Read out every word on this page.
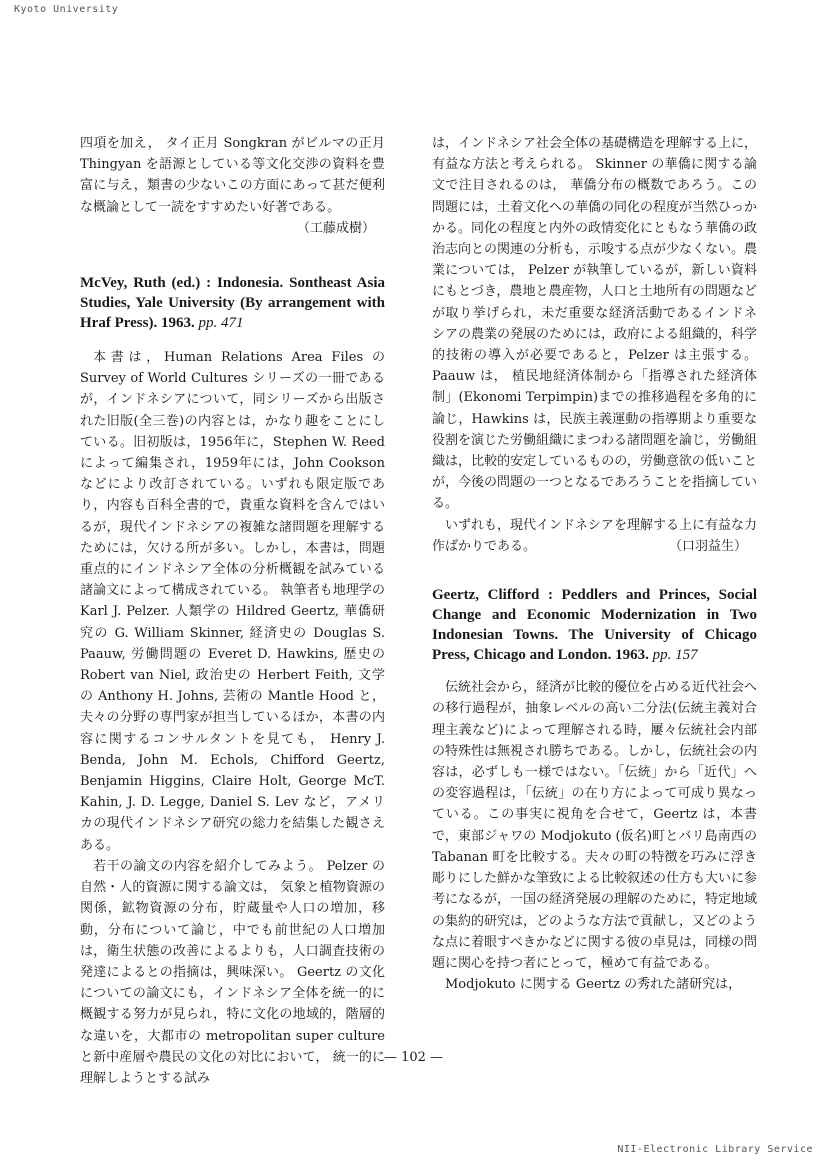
Kyoto University

四項を加え， タイ正月 Songkran がビルマの正月 Thingyan を語源としている等文化交渉の資料を豊富に与え，類書の少ないこの方面にあって甚だ便利な概論として一読をすすめたい好著である。

（工藤成樹）

McVey, Ruth (ed.) : Indonesia. Sontheast Asia Studies, Yale University (By arrangement with Hraf Press). 1963. pp. 471

本書は，Human Relations Area Files の Survey of World Cultures シリーズの一冊であるが，インドネシアについて，同シリーズから出版された旧版(全三巻)の内容とは，かなり趣をことにしている。旧初版は，1956年に，Stephen W. Reed によって編集され，1959年には，John Cookson などにより改訂されている。いずれも限定版であり，内容も百科全書的で，貴重な資料を含んではいるが，現代インドネシアの複雑な諸問題を理解するためには，欠ける所が多い。しかし，本書は，問題重点的にインドネシア全体の分析概観を試みている諸論文によって構成されている。 執筆者も地理学の Karl J. Pelzer. 人類学の Hildred Geertz, 華僑研究の G. William Skinner, 経済史の Douglas S. Paauw, 労働問題の Everet D. Hawkins, 歴史の Robert van Niel, 政治史の Herbert Feith, 文学の Anthony H. Johns, 芸術の Mantle Hood と，夫々の分野の専門家が担当しているほか，本書の内容に関するコンサルタントを見ても， Henry J. Benda, John M. Echols, Chifford Geertz, Benjamin Higgins, Claire Holt, George McT. Kahin, J. D. Legge, Daniel S. Lev など，アメリカの現代インドネシア研究の総力を結集した観さえある。

若干の論文の内容を紹介してみよう。 Pelzer の自然・人的資源に関する論文は， 気象と植物資源の関係，鉱物資源の分布，貯蔵量や人口の増加，移動，分布について論じ，中でも前世紀の人口増加は，衛生状態の改善によるよりも，人口調査技術の発達によるとの指摘は，興味深い。 Geertz の文化についての論文にも，インドネシア全体を統一的に概観する努力が見られ，特に文化の地域的，階層的な違いを，大都市の metropolitan super culture と新中産層や農民の文化の対比において， 統一的に理解しようとする試み

は，インドネシア社会全体の基礎構造を理解する上に，有益な方法と考えられる。 Skinner の華僑に関する論文で注目されるのは， 華僑分布の概数であろう。この問題には，土着文化への華僑の同化の程度が当然ひっかかる。同化の程度と内外の政情変化にともなう華僑の政治志向との関連の分析も，示唆する点が少なくない。農業については， Pelzer が執筆しているが，新しい資料にもとづき，農地と農産物，人口と土地所有の問題などが取り挙げられ，未だ重要な経済活動であるインドネシアの農業の発展のためには，政府による組織的，科学的技術の導入が必要であると，Pelzer は主張する。 Paauw は， 植民地経済体制から「指導された経済体制」(Ekonomi Terpimpin)までの推移過程を多角的に論じ，Hawkins は，民族主義運動の指導期より重要な役割を演じた労働組織にまつわる諸問題を論じ，労働組織は，比較的安定しているものの，労働意欲の低いことが，今後の問題の一つとなるであろうことを指摘している。

いずれも，現代インドネシアを理解する上に有益な力作ばかりである。	（口羽益生）

Geertz, Clifford : Peddlers and Princes, Social Change and Economic Modernization in Two Indonesian Towns. The University of Chicago Press, Chicago and London. 1963. pp. 157

伝統社会から，経済が比較的優位を占める近代社会への移行過程が，抽象レベルの高い二分法(伝統主義対合理主義など)によって理解される時，屢々伝統社会内部の特殊性は無視され勝ちである。しかし，伝統社会の内容は，必ずしも一様ではない。「伝統」から「近代」への変容過程は，「伝統」の在り方によって可成り異なっている。この事実に視角を合せて，Geertz は，本書で，東部ジャワの Modjokuto (仮名)町とバリ島南西の Tabanan 町を比較する。夫々の町の特徴を巧みに浮き彫りにした鮮かな筆致による比較叙述の仕方も大いに参考になるが，一国の経済発展の理解のために，特定地域の集約的研究は，どのような方法で貢献し，又どのような点に着眼すべきかなどに関する彼の卓見は，同様の問題に関心を持つ者にとって，極めて有益である。

Modjokuto に関する Geertz の秀れた諸研究は，

— 102 —
NII-Electronic Library Service
